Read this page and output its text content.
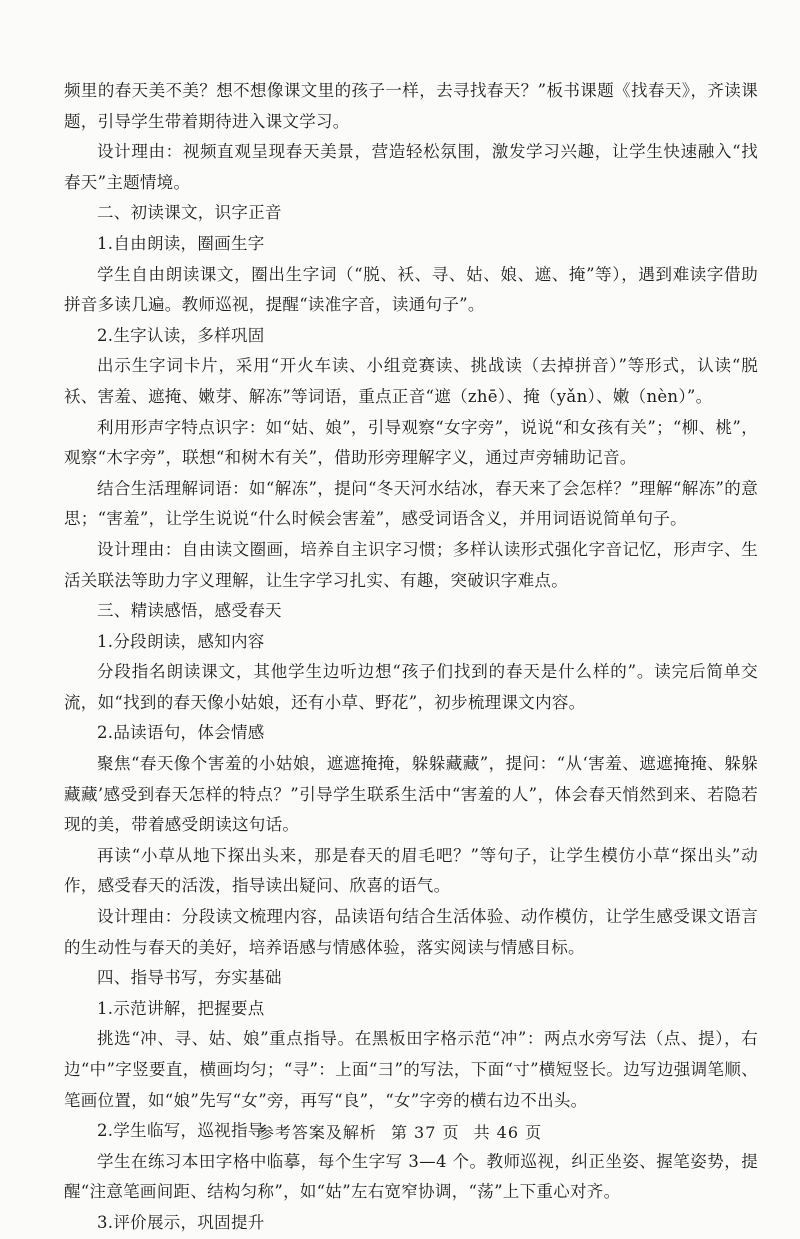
频里的春天美不美？想不想像课文里的孩子一样，去寻找春天？”板书课题《找春天》，齐读课题，引导学生带着期待进入课文学习。

设计理由：视频直观呈现春天美景，营造轻松氛围，激发学习兴趣，让学生快速融入“找春天”主题情境。

二、初读课文，识字正音

1.自由朗读，圈画生字

学生自由朗读课文，圈出生字词（“脱、袄、寻、姑、娘、遮、掩”等），遇到难读字借助拼音多读几遍。教师巡视，提醒“读准字音，读通句子”。

2.生字认读，多样巩固

出示生字词卡片，采用“开火车读、小组竞赛读、挑战读（去掉拼音）”等形式，认读“脱袄、害羞、遮掩、嫩芽、解冻”等词语，重点正音“遮（zhē）、掩（yǎn）、嫩（nèn）”。

利用形声字特点识字：如“姑、娘”，引导观察“女字旁”，说说“和女孩有关”；“柳、桃”，观察“木字旁”，联想“和树木有关”，借助形旁理解字义，通过声旁辅助记音。

结合生活理解词语：如“解冻”，提问“冬天河水结冰，春天来了会怎样？”理解“解冻”的意思；“害羞”，让学生说说“什么时候会害羞”，感受词语含义，并用词语说简单句子。

设计理由：自由读文圈画，培养自主识字习惯；多样认读形式强化字音记忆，形声字、生活关联法等助力字义理解，让生字学习扎实、有趣，突破识字难点。

三、精读感悟，感受春天

1.分段朗读，感知内容

分段指名朗读课文，其他学生边听边想“孩子们找到的春天是什么样的”。读完后简单交流，如“找到的春天像小姑娘，还有小草、野花”，初步梳理课文内容。

2.品读语句，体会情感

聚焦“春天像个害羞的小姑娘，遮遮掩掩，躲躲藏藏”，提问：“从‘害羞、遮遮掩掩、躲躲藏藏’感受到春天怎样的特点？”引导学生联系生活中“害羞的人”，体会春天悄然到来、若隐若现的美，带着感受朗读这句话。

再读“小草从地下探出头来，那是春天的眉毛吧？”等句子，让学生模仿小草“探出头”动作，感受春天的活泼，指导读出疑问、欣喜的语气。

设计理由：分段读文梳理内容，品读语句结合生活体验、动作模仿，让学生感受课文语言的生动性与春天的美好，培养语感与情感体验，落实阅读与情感目标。

四、指导书写，夯实基础

1.示范讲解，把握要点

挑选“冲、寻、姑、娘”重点指导。在黑板田字格示范“冲”：两点水旁写法（点、提），右边“中”字竖要直，横画均匀；“寻”：上面“彐”的写法，下面“寸”横短竖长。边写边强调笔顺、笔画位置，如“娘”先写“女”旁，再写“良”，“女”字旁的横右边不出头。

2.学生临写，巡视指导

学生在练习本田字格中临摹，每个生字写 3—4 个。教师巡视，纠正坐姿、握笔姿势，提醒“注意笔画间距、结构匀称”，如“姑”左右宽窄协调，“荡”上下重心对齐。

3.评价展示，巩固提升

参考答案及解析 第 37 页 共 46 页
